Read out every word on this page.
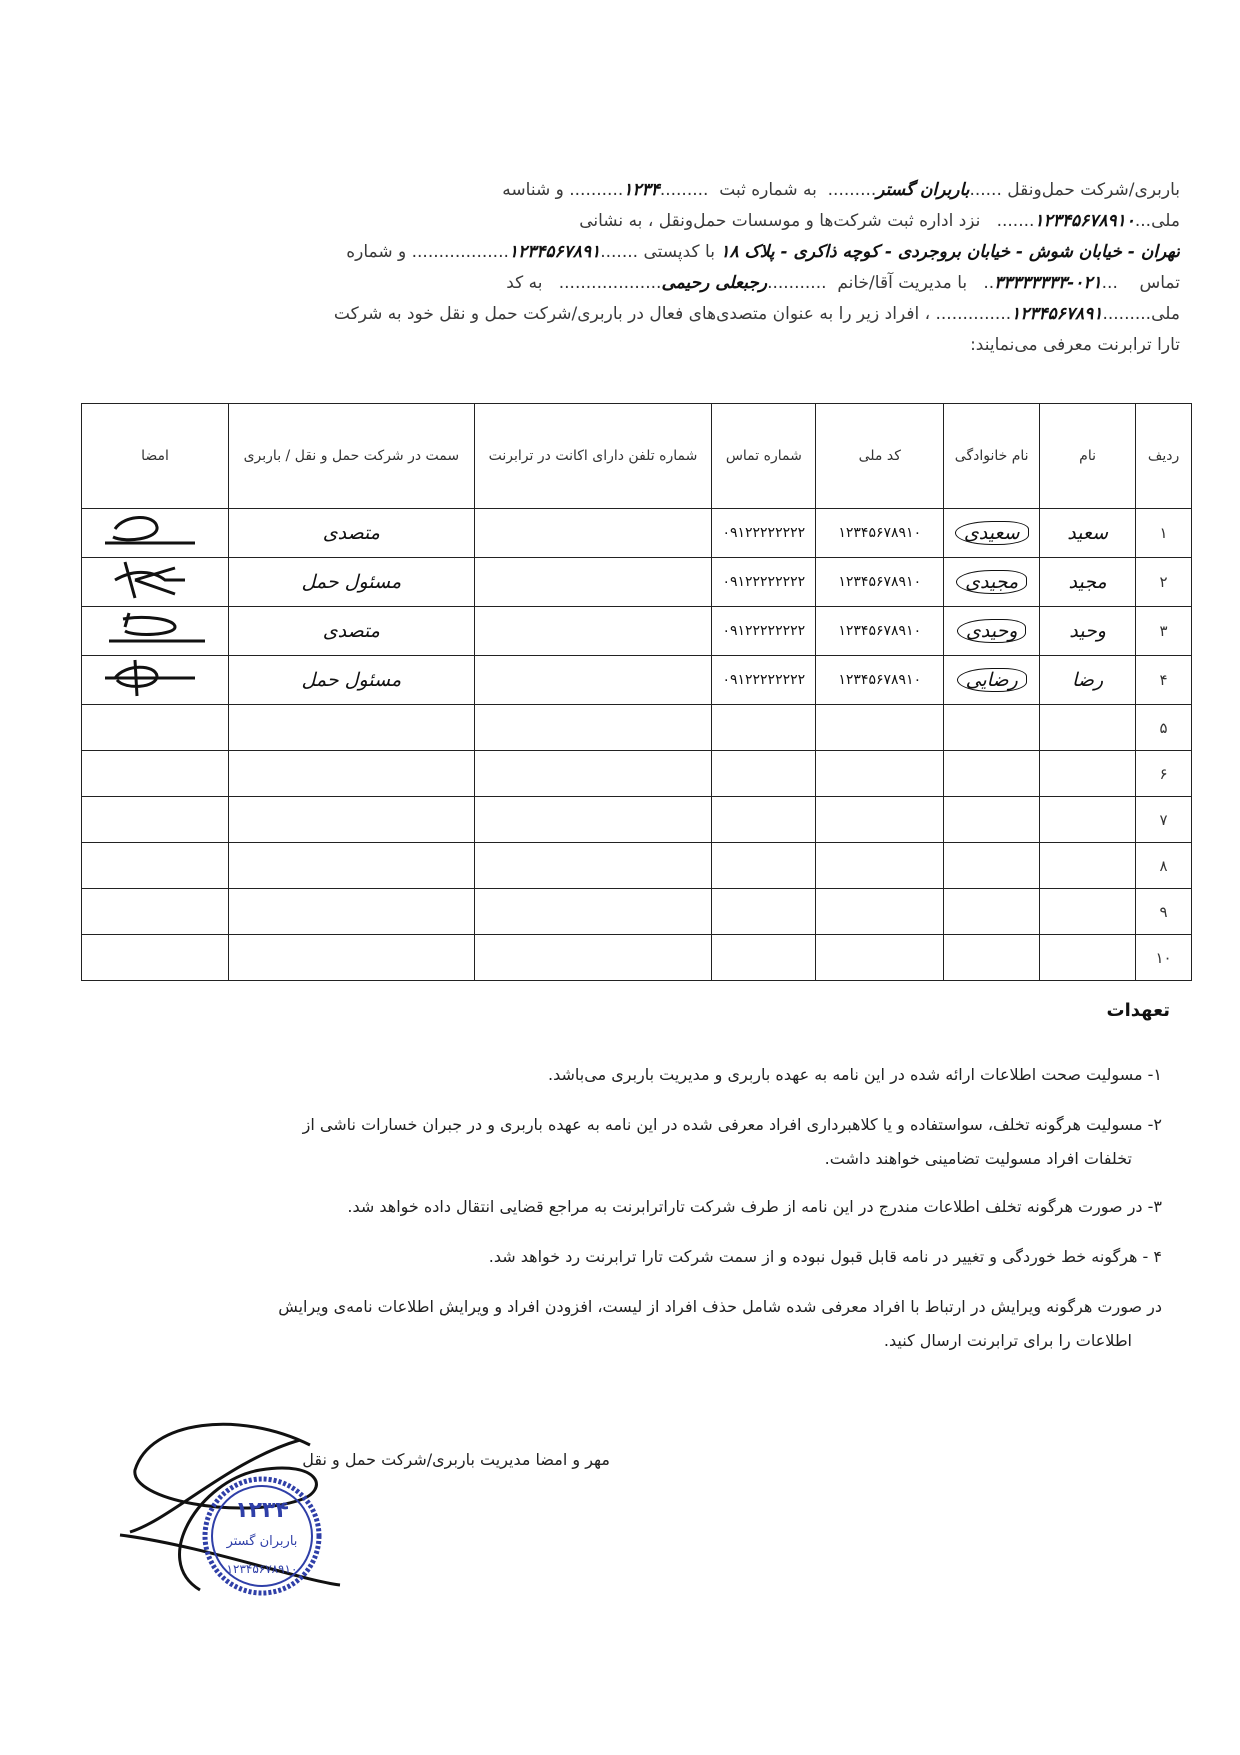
باربری/شرکت حمل‌ونقل ......باربران گستر.........  به شماره ثبت  .........۱۲۳۴.......... و شناسه
ملی...۱۲۳۴۵۶۷۸۹۱۰.......   نزد اداره ثبت شرکت‌ها و موسسات حمل‌ونقل ، به نشانی
تهران - خیابان شوش - خیابان بروجردی - کوچه ذاکری - پلاک ۱۸ با کدپستی .......۱۲۳۴۵۶۷۸۹۱.................. و شماره
تماس    ...۰۲۱-۳۳۳۳۳۳۳۳..   با مدیریت آقا/خانم  ...........رجبعلی رحیمی...................   به کد
ملی.........۱۲۳۴۵۶۷۸۹۱.............. ، افراد زیر را به عنوان متصدی‌های فعال در باربری/شرکت حمل و نقل خود به شرکت
تارا ترابرنت معرفی می‌نمایند:
ردیف	نام	نام خانوادگی	کد ملی	شماره تماس	شماره تلفن دارای اکانت در ترابرنت	سمت در شرکت حمل و نقل / باربری	امضا
۱	سعید	سعیدی	۱۲۳۴۵۶۷۸۹۱۰	۰۹۱۲۲۲۲۲۲۲۲		متصدی	
۲	مجید	مجیدی	۱۲۳۴۵۶۷۸۹۱۰	۰۹۱۲۲۲۲۲۲۲۲		مسئول حمل	
۳	وحید	وحیدی	۱۲۳۴۵۶۷۸۹۱۰	۰۹۱۲۲۲۲۲۲۲۲		متصدی	
۴	رضا	رضایی	۱۲۳۴۵۶۷۸۹۱۰	۰۹۱۲۲۲۲۲۲۲۲		مسئول حمل	
۵							
۶							
۷							
۸							
۹							
۱۰							
تعهدات
۱- مسولیت صحت اطلاعات ارائه شده در این نامه به عهده باربری و مدیریت باربری می‌باشد.
۲- مسولیت هرگونه تخلف، سواستفاده و یا کلاهبرداری افراد معرفی شده در این نامه به عهده باربری و در جبران خسارات ناشی از
تخلفات افراد مسولیت تضامینی خواهند داشت.
۳- در صورت هرگونه تخلف اطلاعات مندرج در این نامه از طرف شرکت تاراترابرنت به مراجع قضایی انتقال داده خواهد شد.
۴ - هرگونه خط خوردگی و تغییر در نامه قابل قبول نبوده و از سمت شرکت تارا ترابرنت رد خواهد شد.
در صورت هرگونه ویرایش در ارتباط با افراد معرفی شده شامل حذف افراد از لیست، افزودن افراد و ویرایش اطلاعات نامه‌ی ویرایش
اطلاعات را برای ترابرنت ارسال کنید.
مهر و امضا مدیریت باربری/شرکت حمل و نقل
۱۲۳۴
باربران گستر
۱۲۳۴۵۶۷۸۹۱۰
